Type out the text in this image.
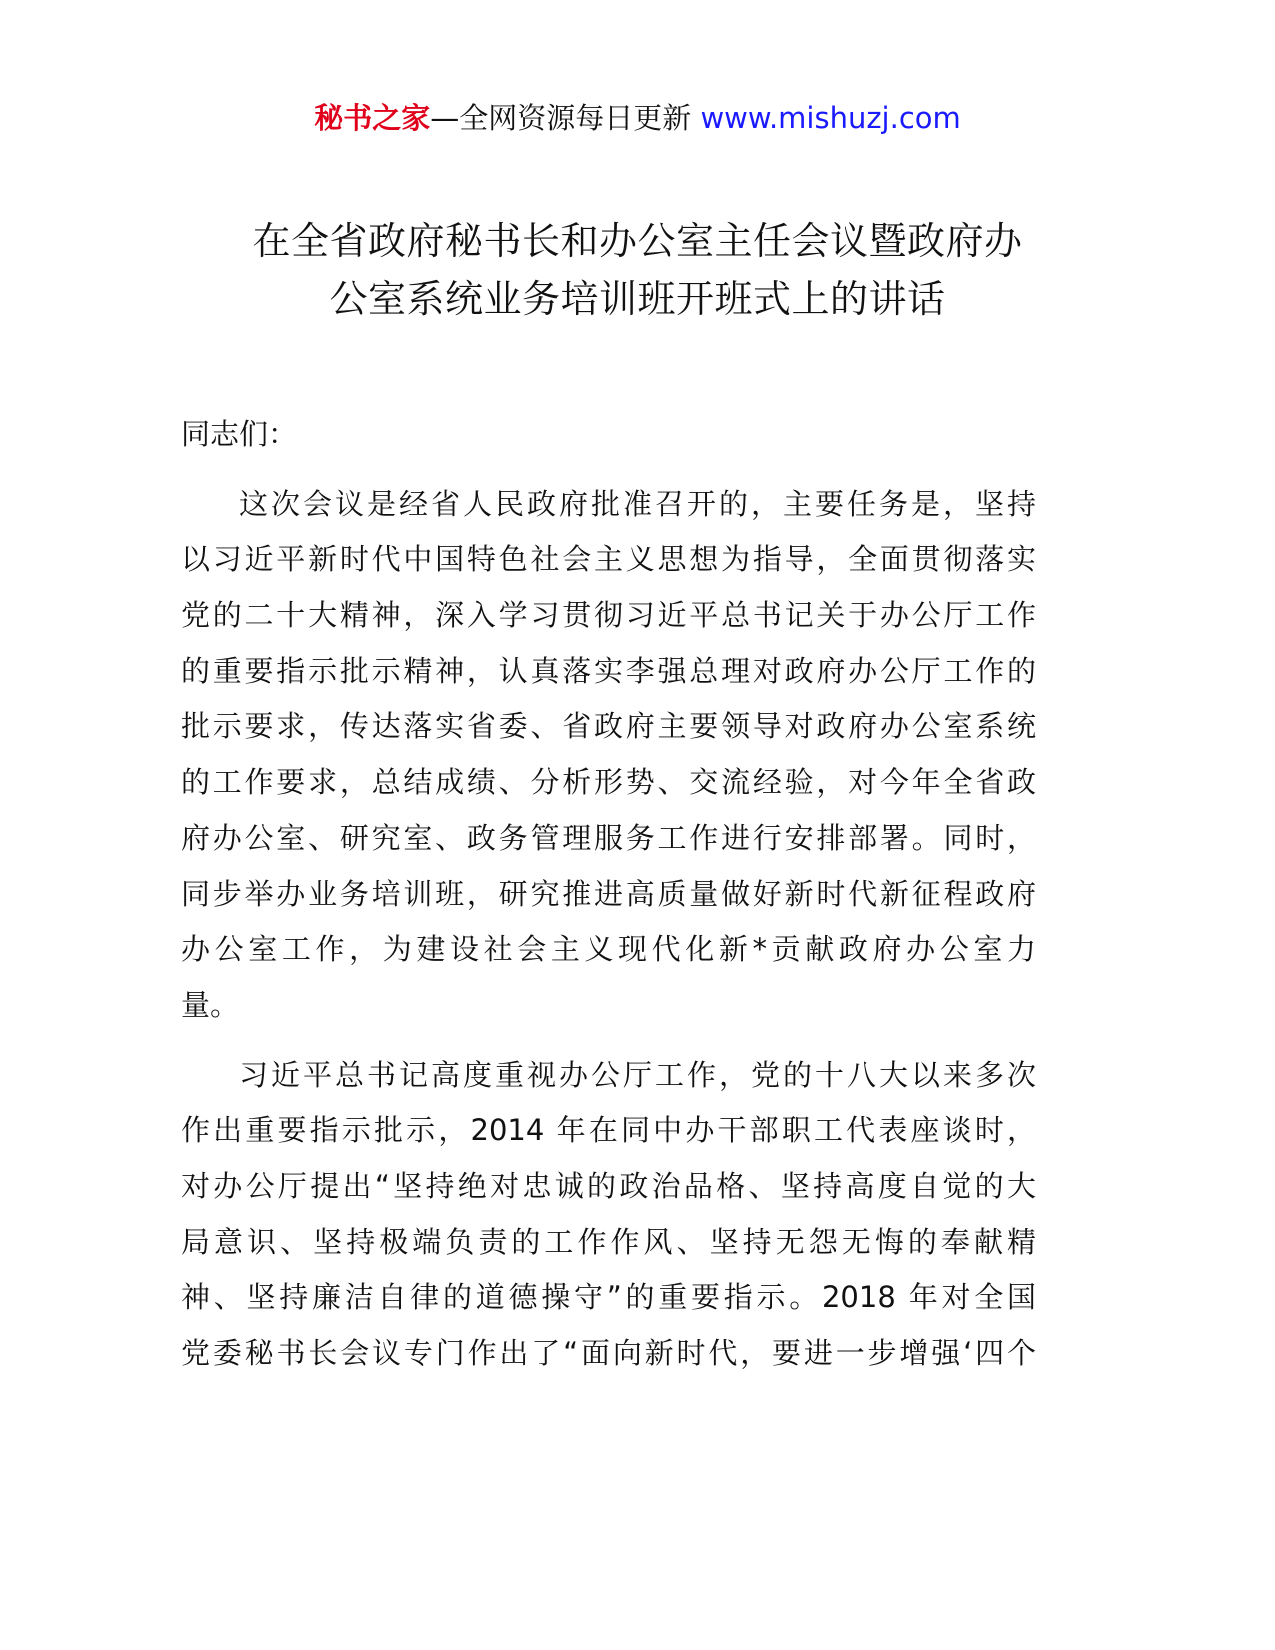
秘书之家—全网资源每日更新 www.mishuzj.com
在全省政府秘书长和办公室主任会议暨政府办
公室系统业务培训班开班式上的讲话

同志们：

这次会议是经省人民政府批准召开的，主要任务是，坚持
以习近平新时代中国特色社会主义思想为指导，全面贯彻落实
党的二十大精神，深入学习贯彻习近平总书记关于办公厅工作
的重要指示批示精神，认真落实李强总理对政府办公厅工作的
批示要求，传达落实省委、省政府主要领导对政府办公室系统
的工作要求，总结成绩、分析形势、交流经验，对今年全省政
府办公室、研究室、政务管理服务工作进行安排部署。同时，
同步举办业务培训班，研究推进高质量做好新时代新征程政府
办公室工作，为建设社会主义现代化新*贡献政府办公室力
量。

习近平总书记高度重视办公厅工作，党的十八大以来多次
作出重要指示批示，2014 年在同中办干部职工代表座谈时，
对办公厅提出“坚持绝对忠诚的政治品格、坚持高度自觉的大
局意识、坚持极端负责的工作作风、坚持无怨无悔的奉献精
神、坚持廉洁自律的道德操守”的重要指示。2018 年对全国
党委秘书长会议专门作出了“面向新时代，要进一步增强‘四个
